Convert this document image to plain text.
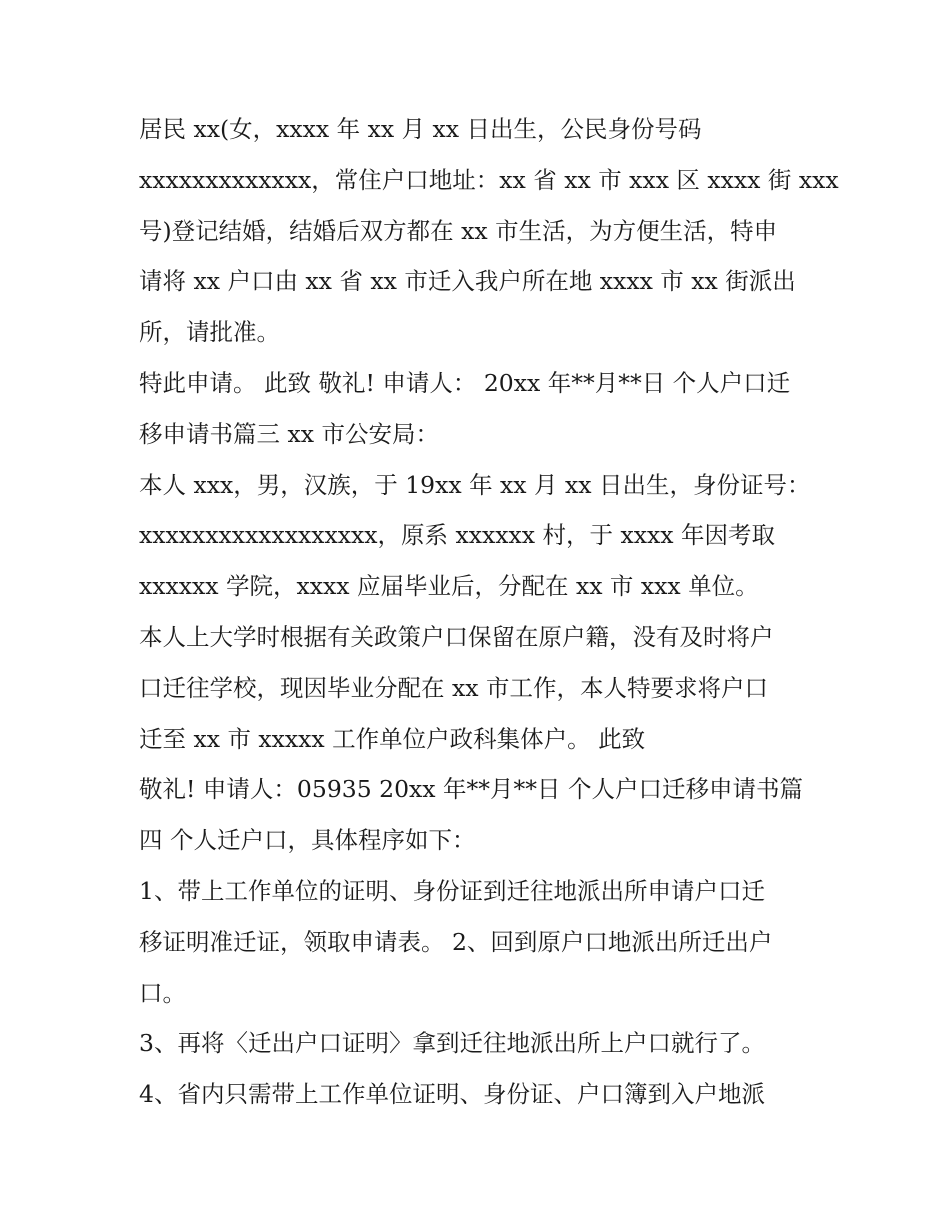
居民 xx(女，xxxx 年 xx 月 xx 日出生，公民身份号码
xxxxxxxxxxxxx，常住户口地址：xx 省 xx 市 xxx 区 xxxx 街 xxx
号)登记结婚，结婚后双方都在 xx 市生活，为方便生活，特申
请将 xx 户口由 xx 省 xx 市迁入我户所在地 xxxx 市 xx 街派出
所，请批准。
特此申请。 此致 敬礼! 申请人： 20xx 年**月**日 个人户口迁
移申请书篇三 xx 市公安局：
本人 xxx，男，汉族，于 19xx 年 xx 月 xx 日出生，身份证号：
xxxxxxxxxxxxxxxxxx，原系 xxxxxx 村，于 xxxx 年因考取
xxxxxx 学院，xxxx 应届毕业后，分配在 xx 市 xxx 单位。
本人上大学时根据有关政策户口保留在原户籍，没有及时将户
口迁往学校，现因毕业分配在 xx 市工作，本人特要求将户口
迁至 xx 市 xxxxx 工作单位户政科集体户。 此致
敬礼! 申请人：05935 20xx 年**月**日 个人户口迁移申请书篇
四 个人迁户口，具体程序如下：
1、带上工作单位的证明、身份证到迁往地派出所申请户口迁
移证明准迁证，领取申请表。 2、回到原户口地派出所迁出户
口。
3、再将〈迁出户口证明〉拿到迁往地派出所上户口就行了。
4、省内只需带上工作单位证明、身份证、户口簿到入户地派
